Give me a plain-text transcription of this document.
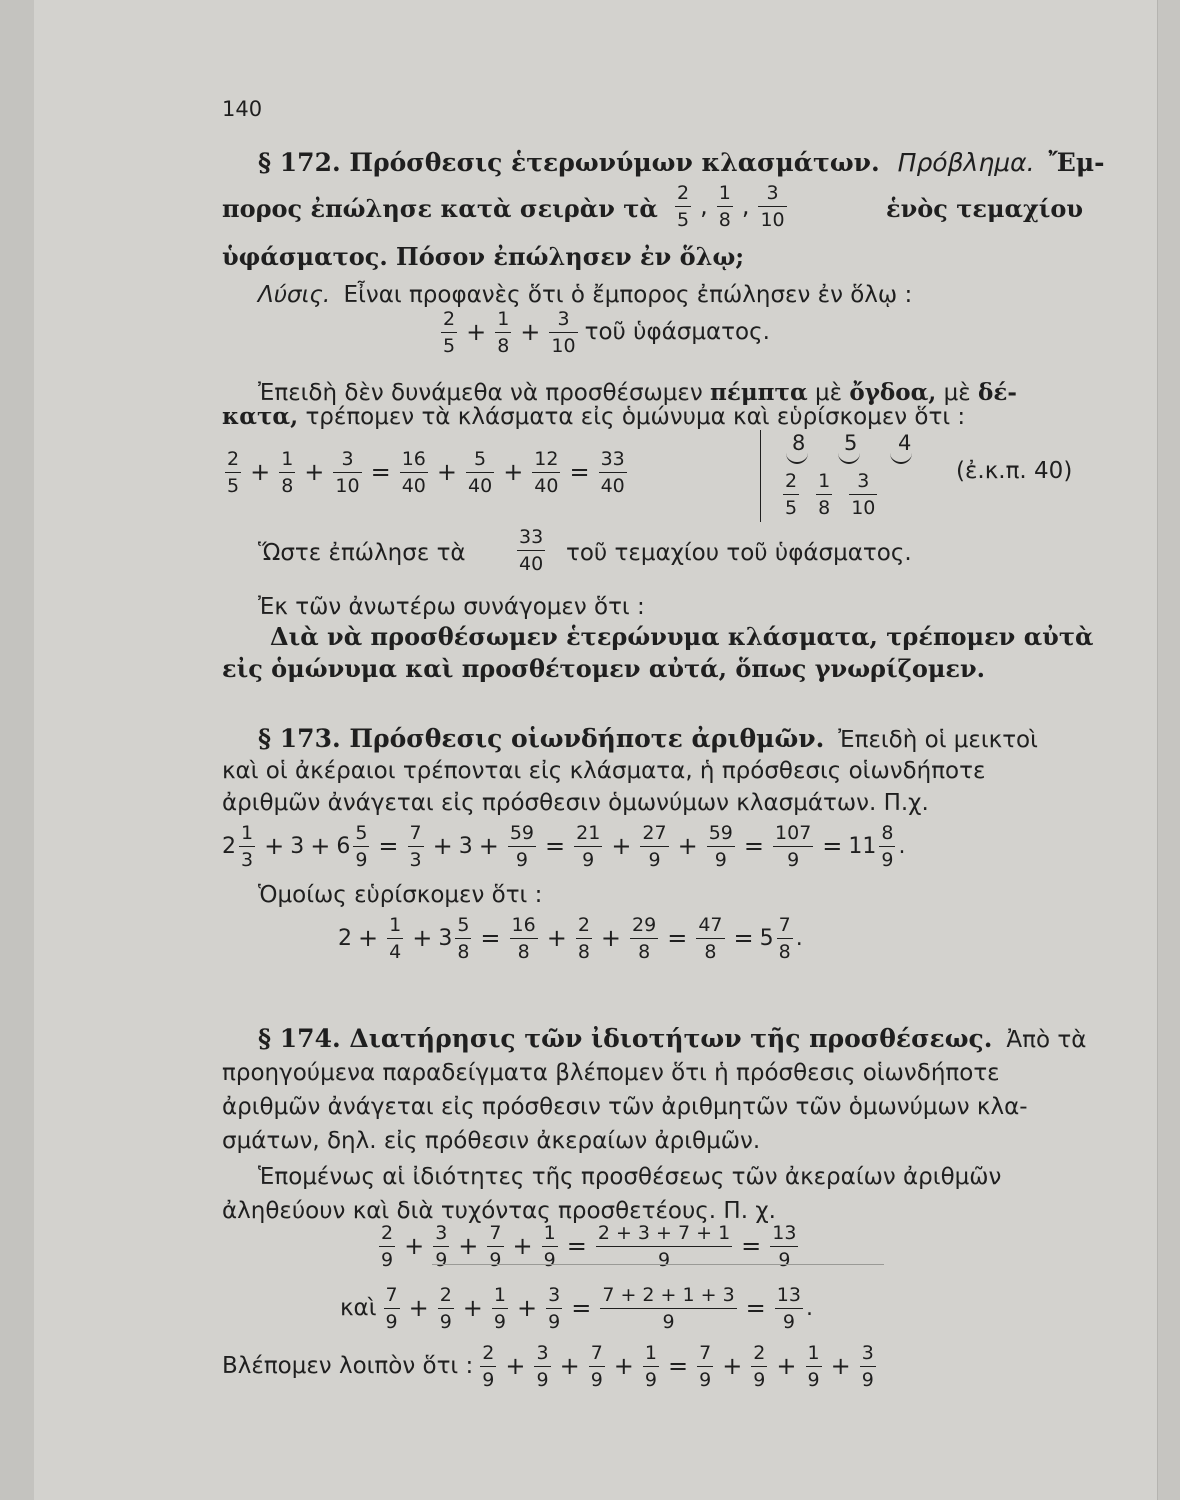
140
§ 172. Πρόσθεσις ἑτερωνύμων κλασμάτων. Πρόβλημα. Ἔμ-
πορος ἐπώλησε κατὰ σειρὰν τὰ $\frac{2}{5}$ , $\frac{1}{8}$ , $\frac{3}{10}$	ἑνὸς τεμαχίου
ὑφάσματος. Πόσον ἐπώλησεν ἐν ὅλῳ;
Λύσις. Εἶναι προφανὲς ὅτι ὁ ἔμπορος ἐπώλησεν ἐν ὅλῳ :
$\frac{2}{5} + \frac{1}{8} + \frac{3}{10}$ τοῦ ὑφάσματος.
Ἐπειδὴ δὲν δυνάμεθα νὰ προσθέσωμεν πέμπτα μὲ ὄγδοα, μὲ δέ-
κατα, τρέπομεν τὰ κλάσματα εἰς ὁμώνυμα καὶ εὑρίσκομεν ὅτι :
$\frac{2}{5} + \frac{1}{8} + \frac{3}{10} = \frac{16}{40} + \frac{5}{40} + \frac{12}{40} = \frac{33}{40}$
8 5 4
$\frac{2}{5} \frac{1}{8} \frac{3}{10}$	(ἐ.κ.π. 40)
Ὥστε ἐπώλησε τὰ	$\frac{33}{40}$ τοῦ τεμαχίου τοῦ ὑφάσματος.
Ἐκ τῶν ἀνωτέρω συνάγομεν ὅτι :
Διὰ νὰ προσθέσωμεν ἑτερώνυμα κλάσματα, τρέπομεν αὐτὰ
εἰς ὁμώνυμα καὶ προσθέτομεν αὐτά, ὅπως γνωρίζομεν.
§ 173. Πρόσθεσις οἱωνδήποτε ἀριθμῶν. Ἐπειδὴ οἱ μεικτοὶ
καὶ οἱ ἀκέραιοι τρέπονται εἰς κλάσματα, ἡ πρόσθεσις οἱωνδήποτε
ἀριθμῶν ἀνάγεται εἰς πρόσθεσιν ὁμωνύμων κλασμάτων. Π.χ.
$2 \frac{1}{3} + 3 + 6 \frac{5}{9} = \frac{7}{3} + 3 + \frac{59}{9} = \frac{21}{9} + \frac{27}{9} + \frac{59}{9} = \frac{107}{9} = 11 \frac{8}{9}$ .
Ὁμοίως εὑρίσκομεν ὅτι :
$2 + \frac{1}{4} + 3 \frac{5}{8} = \frac{16}{8} + \frac{2}{8} + \frac{29}{8} = \frac{47}{8} = 5 \frac{7}{8}$ .
§ 174. Διατήρησις τῶν ἰδιοτήτων τῆς προσθέσεως. Ἀπὸ τὰ
προηγούμενα παραδείγματα βλέπομεν ὅτι ἡ πρόσθεσις οἱωνδήποτε
ἀριθμῶν ἀνάγεται εἰς πρόσθεσιν τῶν ἀριθμητῶν τῶν ὁμωνύμων κλα-
σμάτων, δηλ. εἰς πρόθεσιν ἀκεραίων ἀριθμῶν.
Ἑπομένως αἱ ἰδιότητες τῆς προσθέσεως τῶν ἀκεραίων ἀριθμῶν
ἀληθεύουν καὶ διὰ τυχόντας προσθετέους. Π. χ.
$\frac{2}{9} + \frac{3}{9} + \frac{7}{9} + \frac{1}{9} = \frac{2 + 3 + 7 + 1}{9} = \frac{13}{9}$
καὶ $\frac{7}{9} + \frac{2}{9} + \frac{1}{9} + \frac{3}{9} = \frac{7 + 2 + 1 + 3}{9} = \frac{13}{9}$ .
Βλέπομεν λοιπὸν ὅτι : $\frac{2}{9} + \frac{3}{9} + \frac{7}{9} + \frac{1}{9} = \frac{7}{9} + \frac{2}{9} + \frac{1}{9} + \frac{3}{9}$
